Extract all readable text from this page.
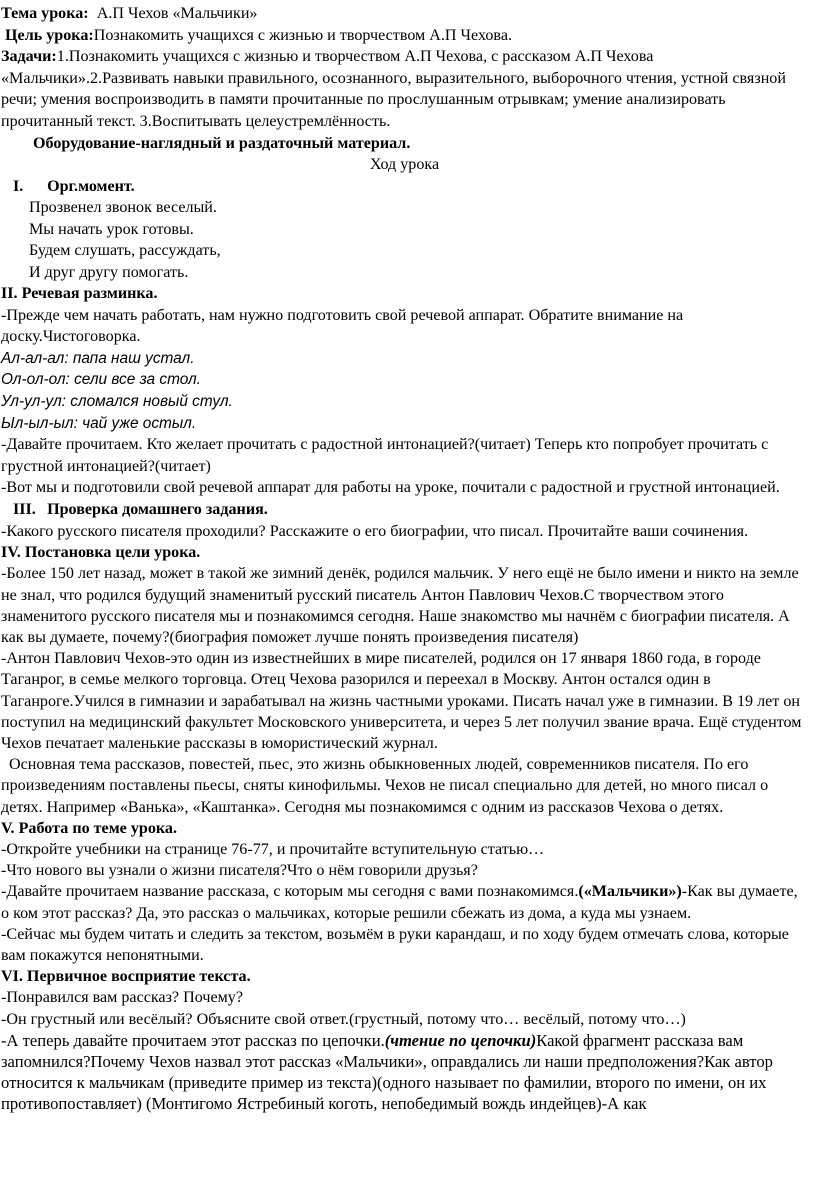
Тема урока: А.П Чехов «Мальчики»

Цель урока:Познакомить учащихся с жизнью и творчеством А.П Чехова.

Задачи:1.Познакомить учащихся с жизнью и творчеством А.П Чехова, с рассказом А.П Чехова «Мальчики».2.Развивать навыки правильного, осознанного, выразительного, выборочного чтения, устной связной речи; умения воспроизводить в памяти прочитанные по прослушанным отрывкам; умение анализировать прочитанный текст. 3.Воспитывать целеустремлённость.

Оборудование-наглядный и раздаточный материал.

Ход урока

I. Орг.момент.

Прозвенел звонок веселый.

Мы начать урок готовы.

Будем слушать, рассуждать,

И друг другу помогать.

II. Речевая разминка.

-Прежде чем начать работать, нам нужно подготовить свой речевой аппарат. Обратите внимание на доску.Чистоговорка.

Ал-ал-ал: папа наш устал.

Ол-ол-ол: сели все за стол.

Ул-ул-ул: сломался новый стул.

Ыл-ыл-ыл: чай уже остыл.

-Давайте прочитаем. Кто желает прочитать с радостной интонацией?(читает) Теперь кто попробует прочитать с грустной интонацией?(читает)

-Вот мы и подготовили свой речевой аппарат для работы на уроке, почитали с радостной и грустной интонацией.

III. Проверка домашнего задания.

-Какого русского писателя проходили? Расскажите о его биографии, что писал. Прочитайте ваши сочинения.

IV. Постановка цели урока.

-Более 150 лет назад, может в такой же зимний денёк, родился мальчик. У него ещё не было имени и никто на земле не знал, что родился будущий знаменитый русский писатель Антон Павлович Чехов.С творчеством этого знаменитого русского писателя мы и познакомимся сегодня. Наше знакомство мы начнём с биографии писателя. А как вы думаете, почему?(биография поможет лучше понять произведения писателя)

-Антон Павлович Чехов-это один из известнейших в мире писателей, родился он 17 января 1860 года, в городе Таганрог, в семье мелкого торговца. Отец Чехова разорился и переехал в Москву. Антон остался один в Таганроге.Учился в гимназии и зарабатывал на жизнь частными уроками. Писать начал уже в гимназии. В 19 лет он поступил на медицинский факультет Московского университета, и через 5 лет получил звание врача. Ещё студентом Чехов печатает маленькие рассказы в юмористический журнал.

Основная тема рассказов, повестей, пьес, это жизнь обыкновенных людей, современников писателя. По его произведениям поставлены пьесы, сняты кинофильмы. Чехов не писал специально для детей, но много писал о детях. Например «Ванька», «Каштанка». Сегодня мы познакомимся с одним из рассказов Чехова о детях.

V. Работа по теме урока.

-Откройте учебники на странице 76-77, и прочитайте вступительную статью…

-Что нового вы узнали о жизни писателя?Что о нём говорили друзья?

-Давайте прочитаем название рассказа, с которым мы сегодня с вами познакомимся.(«Мальчики»)-Как вы думаете, о ком этот рассказ? Да, это рассказ о мальчиках, которые решили сбежать из дома, а куда мы узнаем.

-Сейчас мы будем читать и следить за текстом, возьмём в руки карандаш, и по ходу будем отмечать слова, которые вам покажутся непонятными.

VI. Первичное восприятие текста.

-Понравился вам рассказ? Почему?

-Он грустный или весёлый? Объясните свой ответ.(грустный, потому что… весёлый, потому что…)

-А теперь давайте прочитаем этот рассказ по цепочки.(чтение по цепочки)Какой фрагмент рассказа вам запомнился?Почему Чехов назвал этот рассказ «Мальчики», оправдались ли наши предположения?Как автор относится к мальчикам (приведите пример из текста)(одного называет по фамилии, второго по имени, он их противопоставляет) (Монтигомо Ястребиный коготь, непобедимый вождь индейцев)-А как
